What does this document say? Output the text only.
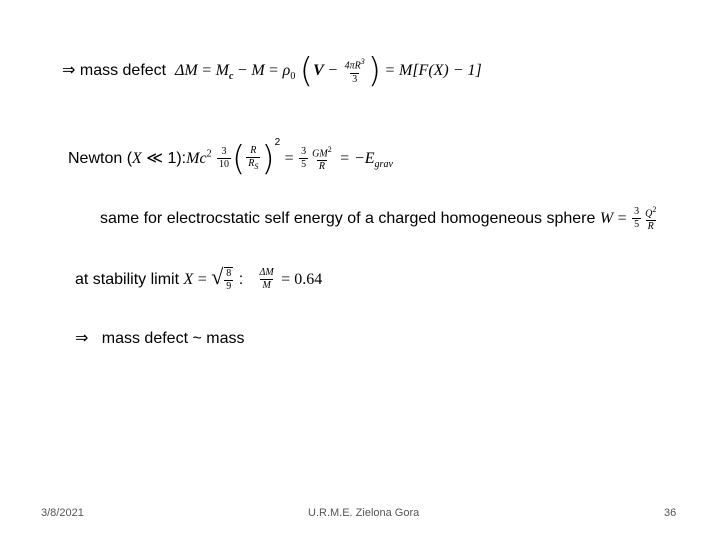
⇒ mass defect $\Delta M = M_c - M = \rho_0$ ($V - \frac{4\pi R^3}{3}$ ) = M[F(X) − 1]
Newton (X ≪ 1):Mc$^2$ $\frac{3}{10}$ ( $\frac{R}{R_S} )^2 = \frac{3}{5} \frac{GM^2}{R} = -E_{grav}$
same for electrocstatic self energy of a charged homogeneous sphere $W = \frac{3}{5} \frac{Q^2}{R}$
at stability limit X = √ $\frac{8}{9}$ : $\frac{\Delta M}{M} = 0.64$
⇒ mass defect ~ mass
3/8/2021	U.R.M.E. Zielona Gora	36
